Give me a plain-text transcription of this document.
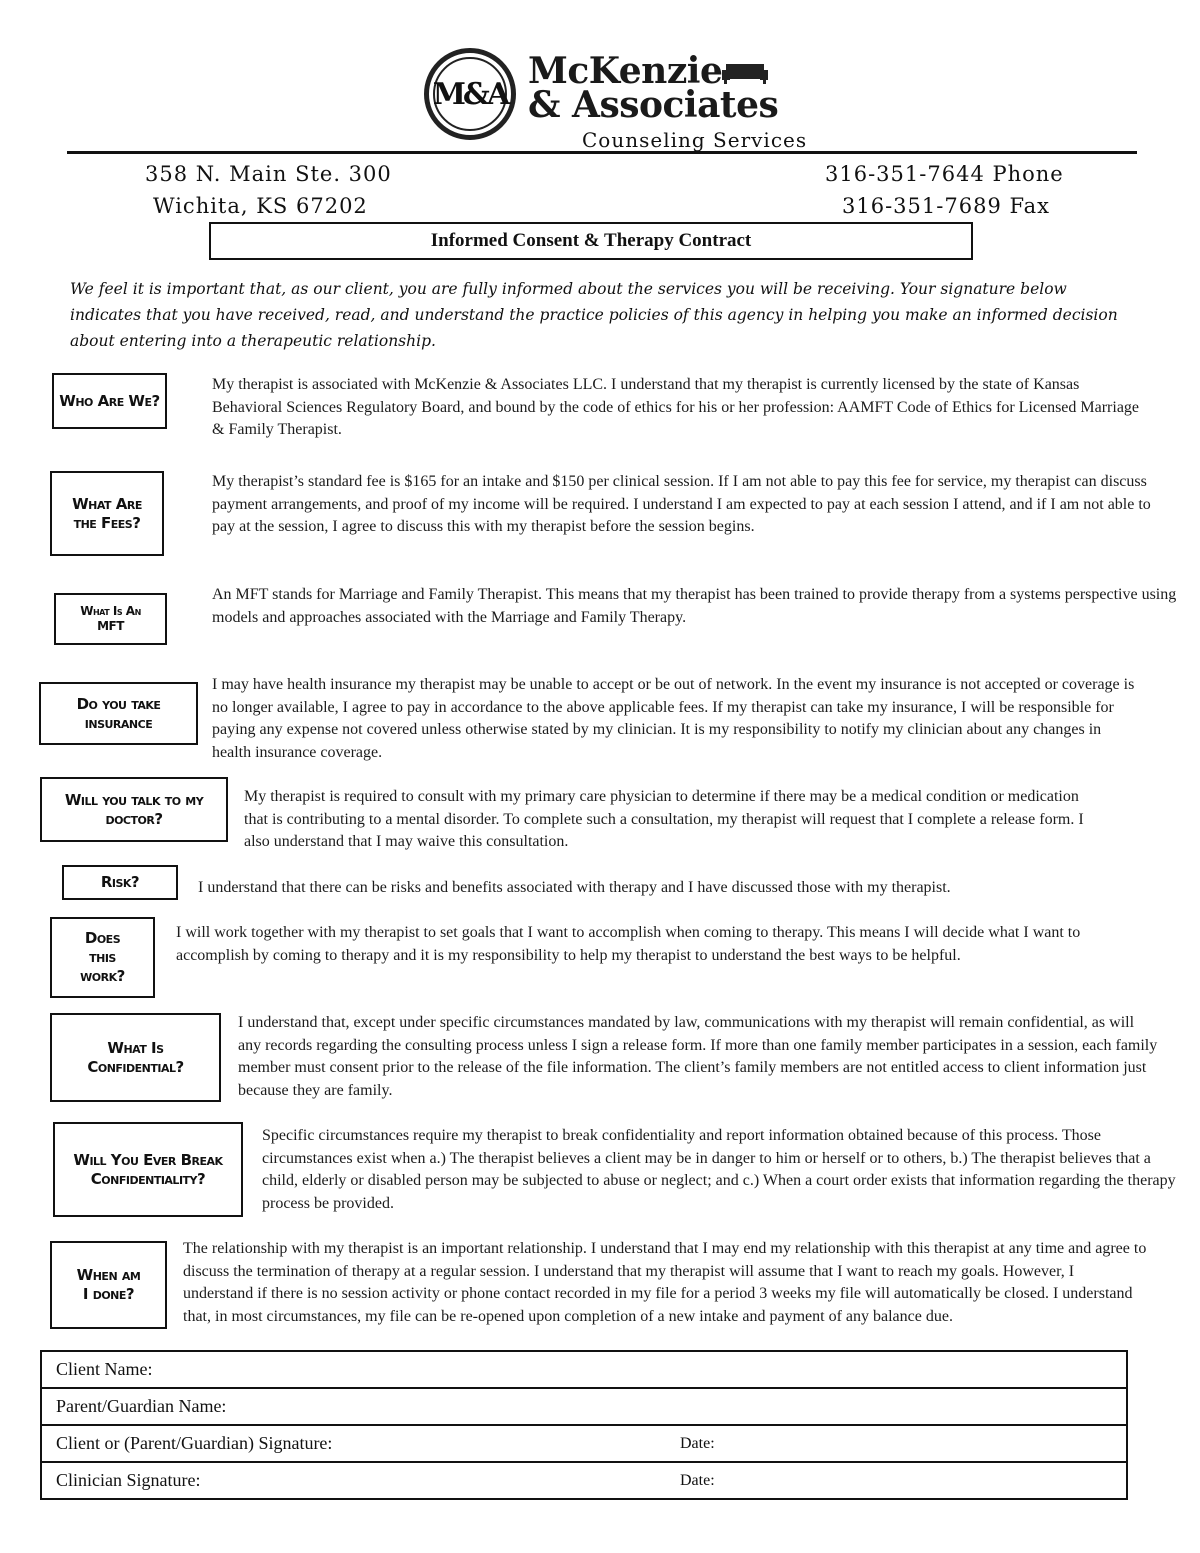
M&A
McKenzie
& Associates
Counseling Services
358 N. Main Ste. 300
Wichita, KS 67202
316-351-7644 Phone
316-351-7689 Fax
Informed Consent & Therapy Contract
We feel it is important that, as our client, you are fully informed about the services you will be receiving. Your signature below indicates that you have received, read, and understand the practice policies of this agency in helping you make an informed decision about entering into a therapeutic relationship.
Who Are We?
My therapist is associated with McKenzie & Associates LLC. I understand that my therapist is currently licensed by the state of Kansas Behavioral Sciences Regulatory Board, and bound by the code of ethics for his or her profession: AAMFT Code of Ethics for Licensed Marriage & Family Therapist.
What Are the Fees?
My therapist’s standard fee is $165 for an intake and $150 per clinical session. If I am not able to pay this fee for service, my therapist can discuss payment arrangements, and proof of my income will be required. I understand I am expected to pay at each session I attend, and if I am not able to pay at the session, I agree to discuss this with my therapist before the session begins.
What Is An MFT
An MFT stands for Marriage and Family Therapist. This means that my therapist has been trained to provide therapy from a systems perspective using models and approaches associated with the Marriage and Family Therapy.
Do you take insurance
I may have health insurance my therapist may be unable to accept or be out of network. In the event my insurance is not accepted or coverage is no longer available, I agree to pay in accordance to the above applicable fees. If my therapist can take my insurance, I will be responsible for paying any expense not covered unless otherwise stated by my clinician. It is my responsibility to notify my clinician about any changes in health insurance coverage.
Will you talk to my doctor?
My therapist is required to consult with my primary care physician to determine if there may be a medical condition or medication that is contributing to a mental disorder. To complete such a consultation, my therapist will request that I complete a release form. I also understand that I may waive this consultation.
Risk?	I understand that there can be risks and benefits associated with therapy and I have discussed those with my therapist.
Does this work?
I will work together with my therapist to set goals that I want to accomplish when coming to therapy. This means I will decide what I want to accomplish by coming to therapy and it is my responsibility to help my therapist to understand the best ways to be helpful.
What Is Confidential?
I understand that, except under specific circumstances mandated by law, communications with my therapist will remain confidential, as will any records regarding the consulting process unless I sign a release form. If more than one family member participates in a session, each family member must consent prior to the release of the file information. The client’s family members are not entitled access to client information just because they are family.
Will You Ever Break Confidentiality?
Specific circumstances require my therapist to break confidentiality and report information obtained because of this process. Those circumstances exist when a.) The therapist believes a client may be in danger to him or herself or to others, b.) The therapist believes that a child, elderly or disabled person may be subjected to abuse or neglect; and c.) When a court order exists that information regarding the therapy process be provided.
When am I done?
The relationship with my therapist is an important relationship. I understand that I may end my relationship with this therapist at any time and agree to discuss the termination of therapy at a regular session. I understand that my therapist will assume that I want to reach my goals. However, I understand if there is no session activity or phone contact recorded in my file for a period 3 weeks my file will automatically be closed. I understand that, in most circumstances, my file can be re-opened upon completion of a new intake and payment of any balance due.
Client Name:
Parent/Guardian Name:
Client or (Parent/Guardian) Signature:	Date:

Clinician Signature:	Date:
